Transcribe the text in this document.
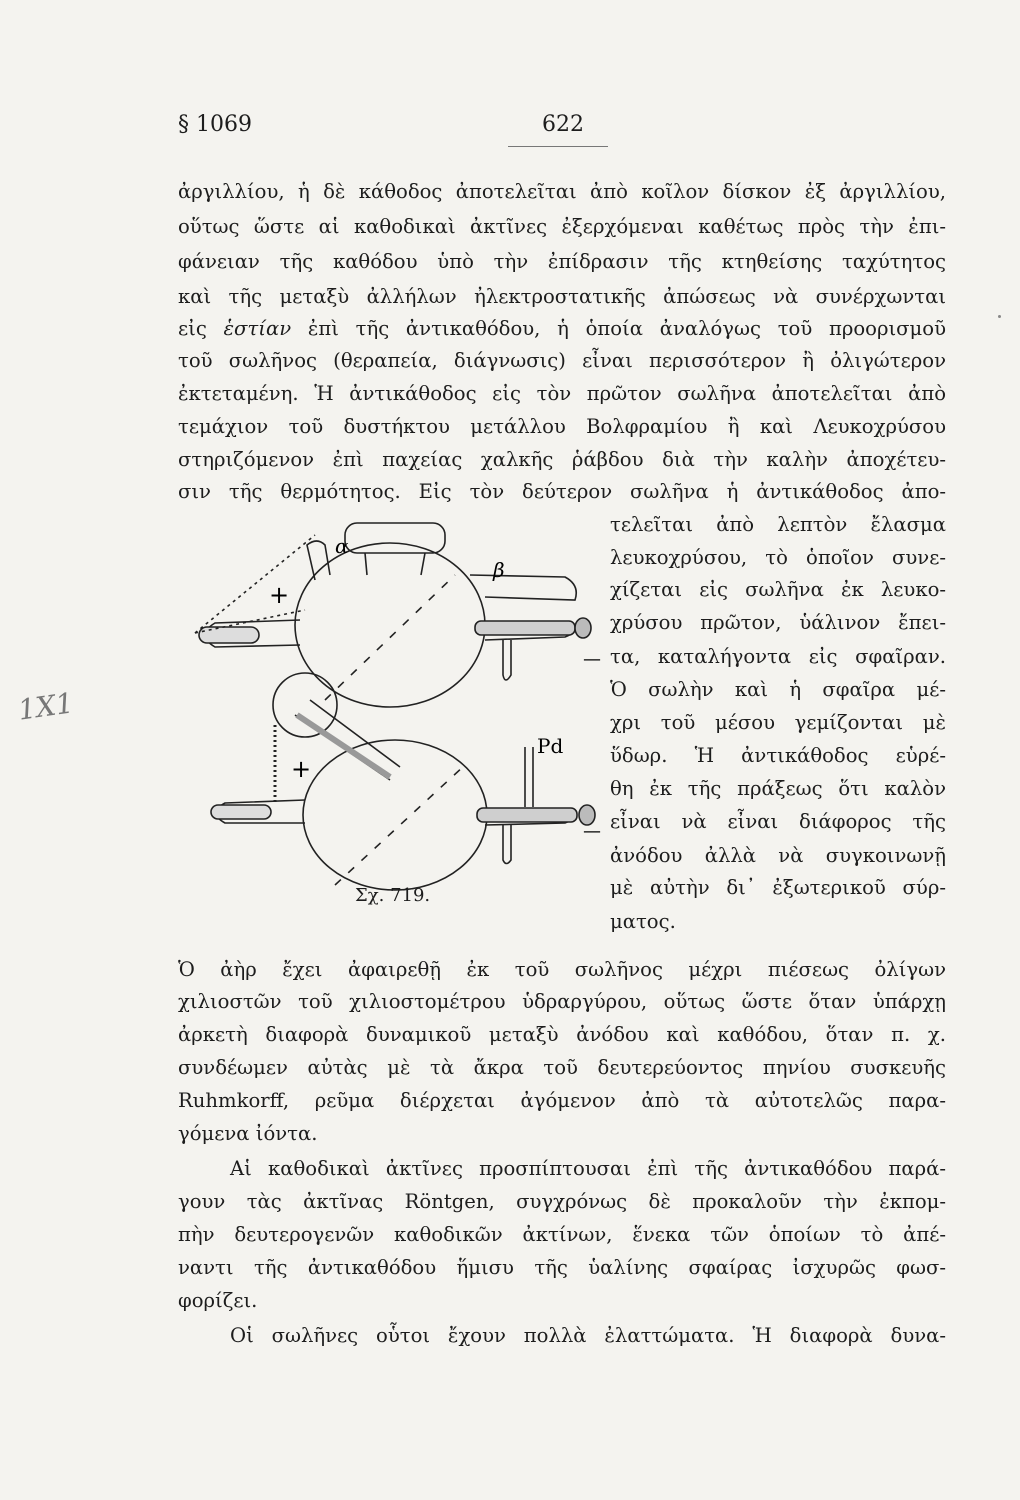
§ 1069	622
ἀργιλλίου, ἡ δὲ κάθοδος ἀποτελεῖται ἀπὸ κοῖλον δίσκον ἐξ ἀργιλλίου,
οὕτως ὥστε αἱ καθοδικαὶ ἀκτῖνες ἐξερχόμεναι καθέτως πρὸς τὴν ἐπι-
φάνειαν τῆς καθόδου ὑπὸ τὴν ἐπίδρασιν τῆς κτηθείσης ταχύτητος
καὶ τῆς μεταξὺ ἀλλήλων ἠλεκτροστατικῆς ἀπώσεως νὰ συνέρχωνται
εἰς ἑστίαν ἐπὶ τῆς ἀντικαθόδου, ἡ ὁποία ἀναλόγως τοῦ προορισμοῦ
τοῦ σωλῆνος (θεραπεία, διάγνωσις) εἶναι περισσότερον ἢ ὀλιγώτερον
ἐκτεταμένη. Ἡ ἀντικάθοδος εἰς τὸν πρῶτον σωλῆνα ἀποτελεῖται ἀπὸ
τεμάχιον τοῦ δυστήκτου μετάλλου Βολφραμίου ἢ καὶ Λευκοχρύσου
στηριζόμενον ἐπὶ παχείας χαλκῆς ῥάβδου διὰ τὴν καλὴν ἀποχέτευ-
σιν τῆς θερμότητος. Εἰς τὸν δεύτερον σωλῆνα ἡ ἀντικάθοδος ἀπο-
τελεῖται ἀπὸ λεπτὸν ἔλασμα
λευκοχρύσου, τὸ ὁποῖον συνε-
χίζεται εἰς σωλῆνα ἐκ λευκο-
χρύσου πρῶτον, ὑάλινον ἔπει-
τα, καταλήγοντα εἰς σφαῖραν.
Ὁ σωλὴν καὶ ἡ σφαῖρα μέ-
χρι τοῦ μέσου γεμίζονται μὲ
ὕδωρ. Ἡ ἀντικάθοδος εὑρέ-
θη ἐκ τῆς πράξεως ὅτι καλὸν
εἶναι νὰ εἶναι διάφορος τῆς
ἀνόδου ἀλλὰ νὰ συγκοινωνῇ
μὲ αὐτὴν δι᾽ ἐξωτερικοῦ σύρ-
ματος.
α
β
+
—
+
—
Pd
Σχ. 719.
Ὁ ἀὴρ ἔχει ἀφαιρεθῇ ἐκ τοῦ σωλῆνος μέχρι πιέσεως ὀλίγων
χιλιοστῶν τοῦ χιλιοστομέτρου ὑδραργύρου, οὕτως ὥστε ὅταν ὑπάρχῃ
ἀρκετὴ διαφορὰ δυναμικοῦ μεταξὺ ἀνόδου καὶ καθόδου, ὅταν π. χ.
συνδέωμεν αὐτὰς μὲ τὰ ἄκρα τοῦ δευτερεύοντος πηνίου συσκευῆς
Ruhmkorff, ρεῦμα διέρχεται ἀγόμενον ἀπὸ τὰ αὐτοτελῶς παρα-
γόμενα ἰόντα.
Αἱ καθοδικαὶ ἀκτῖνες προσπίπτουσαι ἐπὶ τῆς ἀντικαθόδου παρά-
γουν τὰς ἀκτῖνας Röntgen, συγχρόνως δὲ προκαλοῦν τὴν ἐκπομ-
πὴν δευτερογενῶν καθοδικῶν ἀκτίνων, ἕνεκα τῶν ὁποίων τὸ ἀπέ-
ναντι τῆς ἀντικαθόδου ἥμισυ τῆς ὑαλίνης σφαίρας ἰσχυρῶς φωσ-
φορίζει.
Οἱ σωλῆνες οὗτοι ἔχουν πολλὰ ἐλαττώματα. Ἡ διαφορὰ δυνα-
1Χ1
